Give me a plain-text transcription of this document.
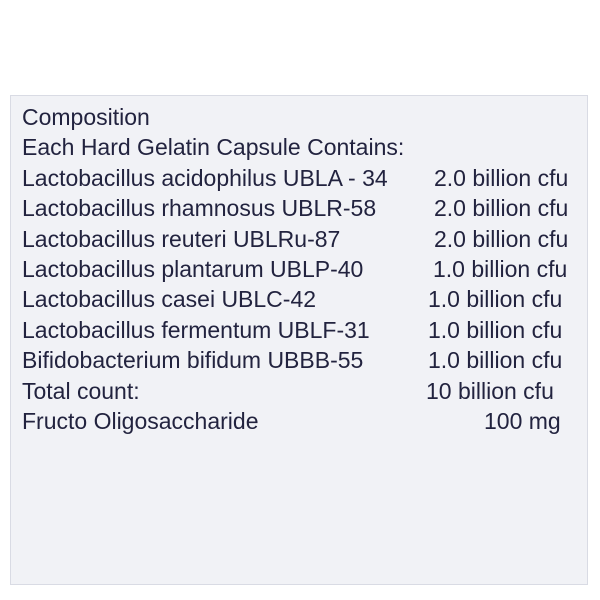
Composition
Each Hard Gelatin Capsule Contains:
Lactobacillus acidophilus UBLA - 34 2.0 billion cfu
Lactobacillus rhamnosus UBLR-58	2.0 billion cfu
Lactobacillus reuteri UBLRu-87	2.0 billion cfu
Lactobacillus plantarum UBLP-40	1.0 billion cfu
Lactobacillus casei UBLC-42	1.0 billion cfu
Lactobacillus fermentum UBLF-31	1.0 billion cfu
Bifidobacterium bifidum UBBB-55	1.0 billion cfu
Total count:	10 billion cfu
Fructo Oligosaccharide	100 mg
